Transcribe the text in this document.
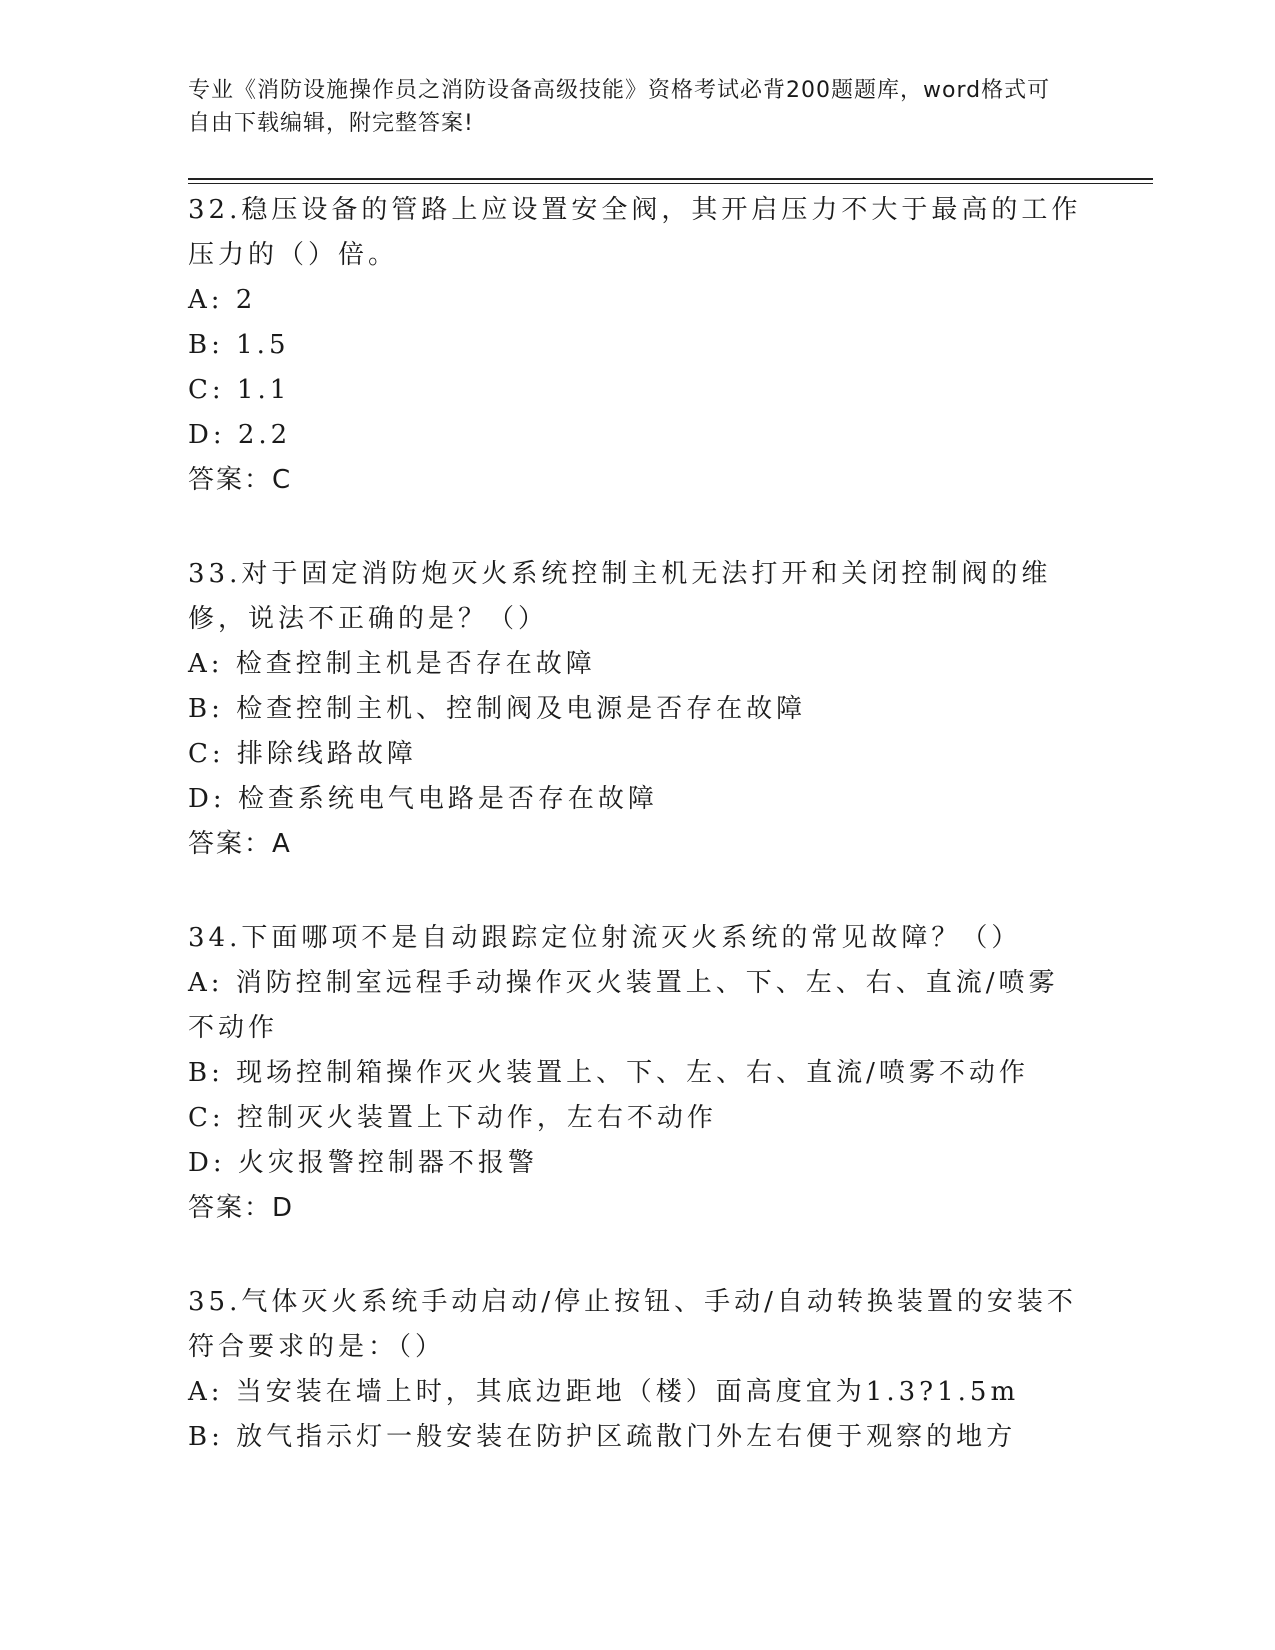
专业《消防设施操作员之消防设备高级技能》资格考试必背200题题库，word格式可自由下载编辑，附完整答案!
32.稳压设备的管路上应设置安全阀，其开启压力不大于最高的工作压力的（）倍。
A: 2
B: 1.5
C: 1.1
D: 2.2
答案：C
33.对于固定消防炮灭火系统控制主机无法打开和关闭控制阀的维修，说法不正确的是？（）
A: 检查控制主机是否存在故障
B: 检查控制主机、控制阀及电源是否存在故障
C: 排除线路故障
D: 检查系统电气电路是否存在故障
答案：A
34.下面哪项不是自动跟踪定位射流灭火系统的常见故障？（）
A: 消防控制室远程手动操作灭火装置上、下、左、右、直流/喷雾不动作
B: 现场控制箱操作灭火装置上、下、左、右、直流/喷雾不动作
C: 控制灭火装置上下动作，左右不动作
D: 火灾报警控制器不报警
答案：D
35.气体灭火系统手动启动/停止按钮、手动/自动转换装置的安装不符合要求的是：（）
A: 当安装在墙上时，其底边距地（楼）面高度宜为1.3?1.5m
B: 放气指示灯一般安装在防护区疏散门外左右便于观察的地方
